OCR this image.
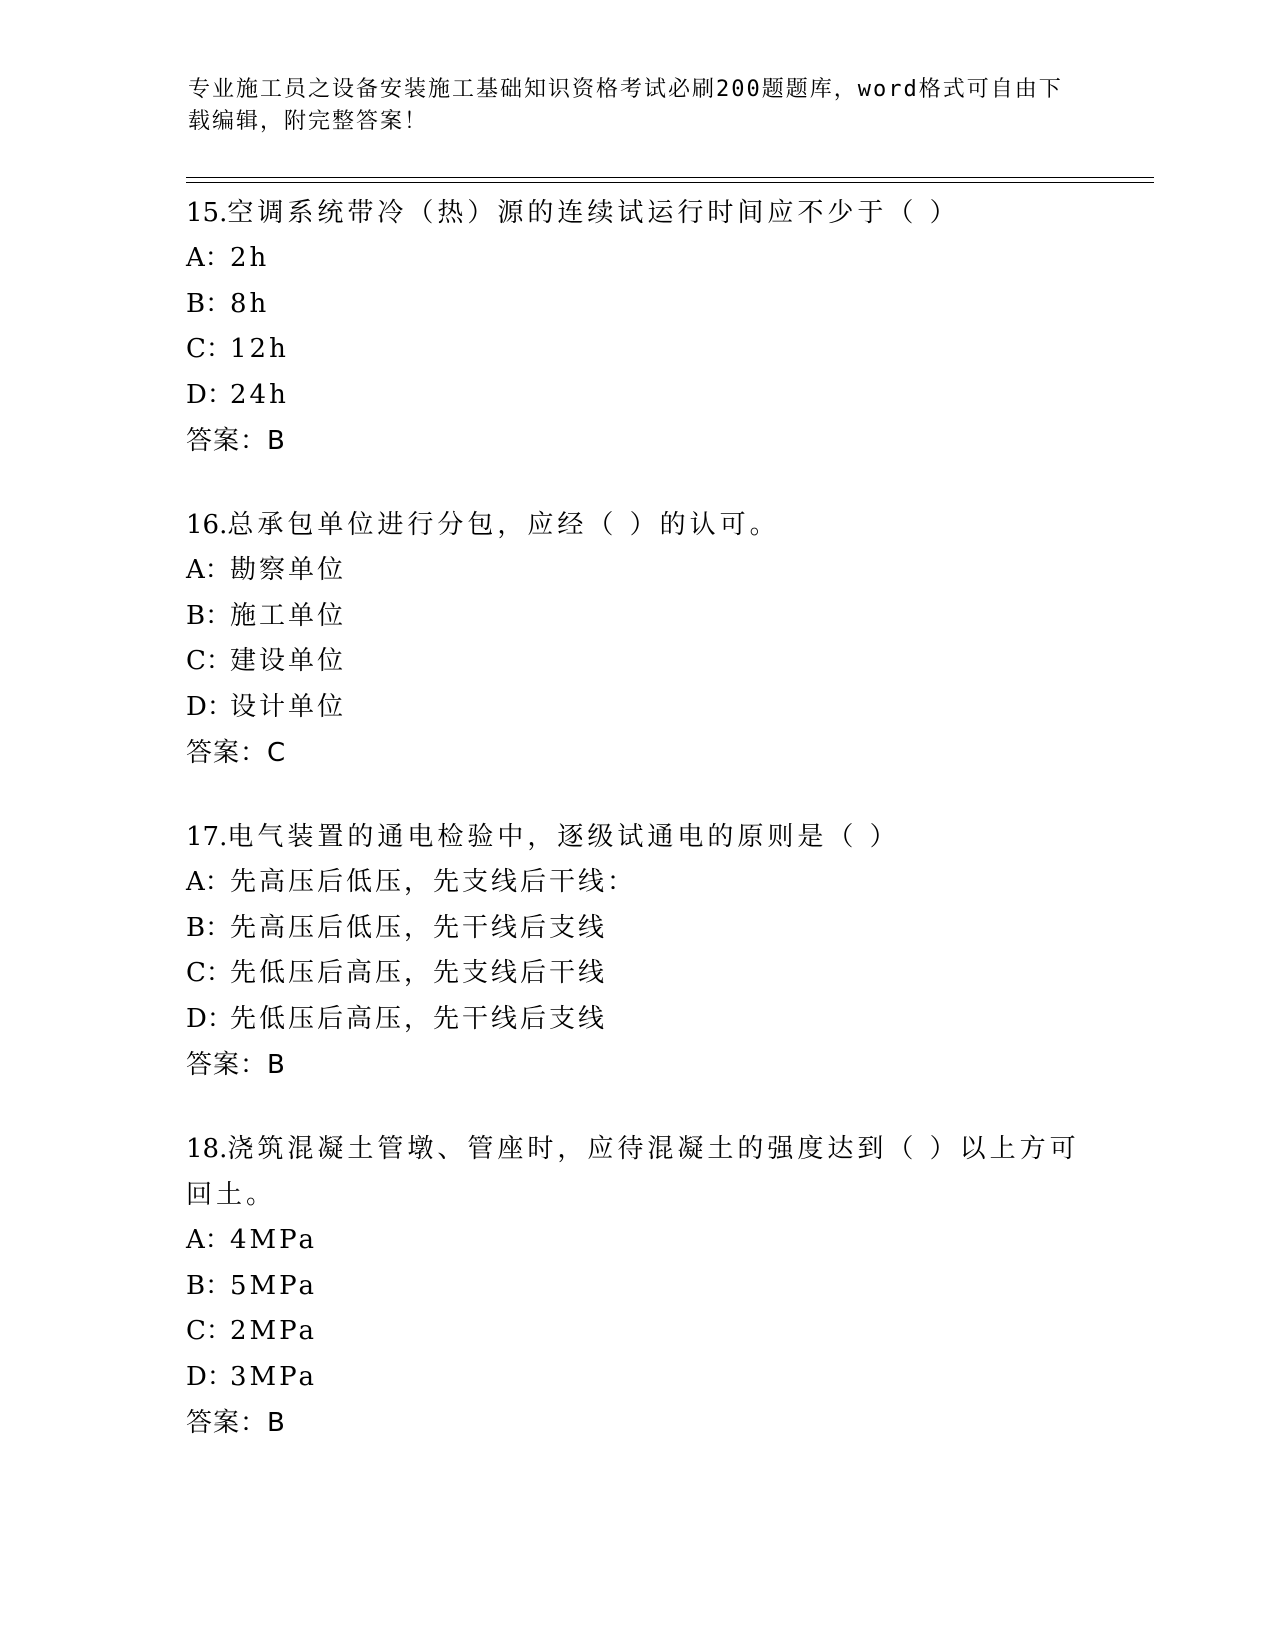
专业施工员之设备安装施工基础知识资格考试必刷200题题库，word格式可自由下载编辑，附完整答案！

15.空调系统带冷（热）源的连续试运行时间应不少于（ ）

A：2h

B：8h

C：12h

D：24h

答案：B

16.总承包单位进行分包，应经（ ）的认可。

A：勘察单位

B：施工单位

C：建设单位

D：设计单位

答案：C

17.电气装置的通电检验中，逐级试通电的原则是（ ）

A：先高压后低压，先支线后干线：

B：先高压后低压，先干线后支线

C：先低压后高压，先支线后干线

D：先低压后高压，先干线后支线

答案：B

18.浇筑混凝土管墩、管座时，应待混凝土的强度达到（ ）以上方可回土。

A：4MPa

B：5MPa

C：2MPa

D：3MPa

答案：B
